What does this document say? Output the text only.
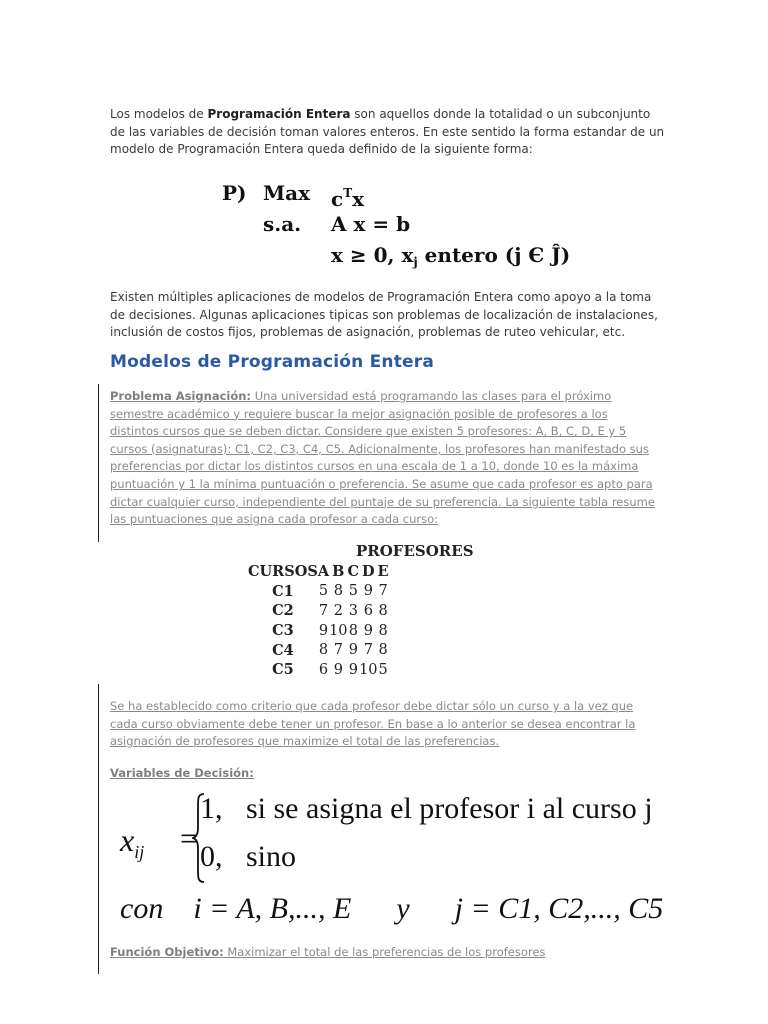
Los modelos de Programación Entera son aquellos donde la totalidad o un subconjunto de las variables de decisión toman valores enteros. En este sentido la forma estandar de un modelo de Programación Entera queda definido de la siguiente forma:
P) Max $c^Tx$
s.a. A x = b
x ≥ 0, $x_j$ entero (j Є Ĵ)
Existen múltiples aplicaciones de modelos de Programación Entera como apoyo a la toma de decisiones. Algunas aplicaciones tipicas son problemas de localización de instalaciones, inclusión de costos fijos, problemas de asignación, problemas de ruteo vehicular, etc.
Modelos de Programación Entera
Problema Asignación: Una universidad está programando las clases para el próximo semestre académico y requiere buscar la mejor asignación posible de profesores a los distintos cursos que se deben dictar. Considere que existen 5 profesores: A, B, C, D, E y 5 cursos (asignaturas): C1, C2, C3, C4, C5. Adicionalmente, los profesores han manifestado sus preferencias por dictar los distintos cursos en una escala de 1 a 10, donde 10 es la máxima puntuación y 1 la mínima puntuación o preferencia. Se asume que cada profesor es apto para dictar cualquier curso, independiente del puntaje de su preferencia. La siguiente tabla resume las puntuaciones que asigna cada profesor a cada curso:
PROFESORES
CURSOS	A	B	C	D	E
C1	5	8	5	9	7
C2	7	2	3	6	8
C3	9	10	8	9	8
C4	8	7	9	7	8
C5	6	9	9	10	5
Se ha establecido como criterio que cada profesor debe dictar sólo un curso y a la vez que cada curso obviamente debe tener un profesor. En base a lo anterior se desea encontrar la asignación de profesores que maximize el total de las preferencias.
Variables de Decisión:
$x_{ij}$ =
1, si se asigna el profesor i al curso j
0, sino
con    i = A, B,..., E      y      j = C1, C2,..., C5
Función Objetivo: Maximizar el total de las preferencias de los profesores
